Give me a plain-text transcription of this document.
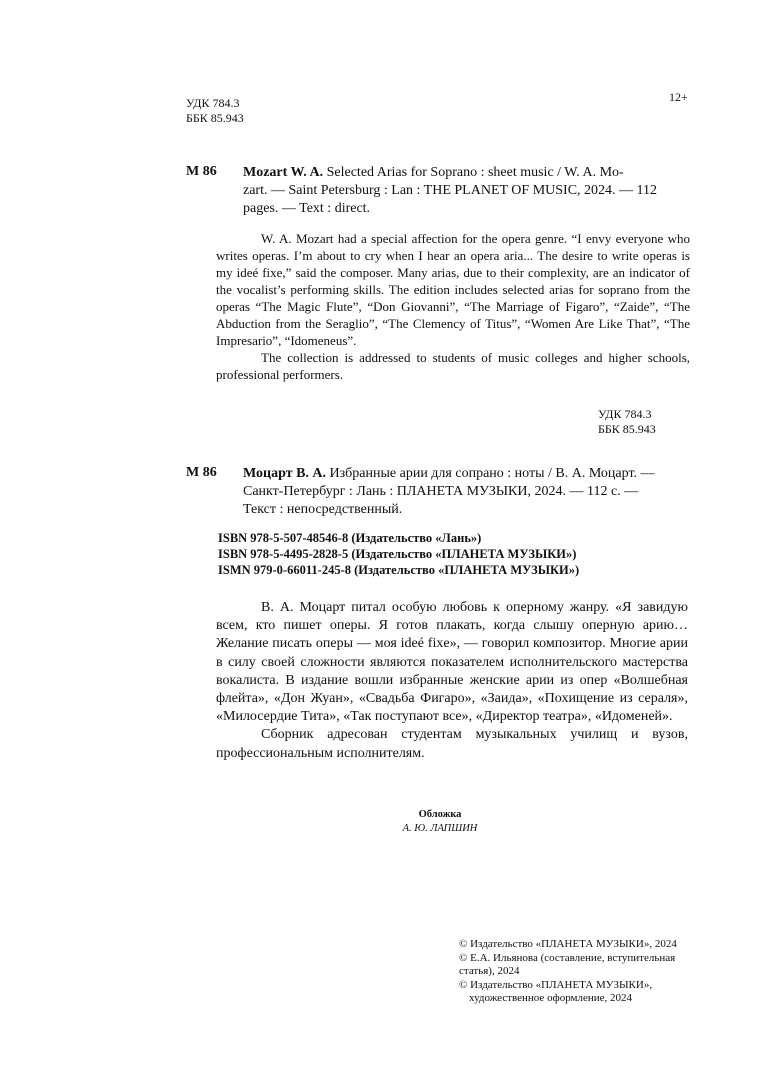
УДК 784.3
ББК 85.943
12+
М 86 Mozart W. A. Selected Arias for Soprano : sheet music / W. A. Mo-
zart. — Saint Petersburg : Lan : THE PLANET OF MUSIC, 2024. — 112
pages. — Text : direct.

W. A. Mozart had a special affection for the opera genre. “I envy everyone who writes operas. I’m about to cry when I hear an opera aria... The desire to write operas is my ideé fixe,” said the composer. Many arias, due to their complexity, are an indicator of the vocalist’s performing skills. The edition includes selected arias for soprano from the operas “The Magic Flute”, “Don Giovanni”, “The Marriage of Figaro”, “Zaide”, “The Abduction from the Seraglio”, “The Clemency of Titus”, “Women Are Like That”, “The Impresario”, “Idomeneus”.

The collection is addressed to students of music colleges and higher schools, professional performers.

УДК 784.3
ББК 85.943
М 86 Моцарт В. А. Избранные арии для сопрано : ноты / В. А. Моцарт. —
Санкт-Петербург : Лань : ПЛАНЕТА МУЗЫКИ, 2024. — 112 с. —
Текст : непосредственный.
ISBN 978-5-507-48546-8 (Издательство «Лань»)
ISBN 978-5-4495-2828-5 (Издательство «ПЛАНЕТА МУЗЫКИ»)
ISMN 979-0-66011-245-8 (Издательство «ПЛАНЕТА МУЗЫКИ»)

В. А. Моцарт питал особую любовь к оперному жанру. «Я завидую всем, кто пишет оперы. Я готов плакать, когда слышу оперную арию… Желание писать оперы — моя ideé fixe», — говорил композитор. Многие арии в силу своей сложности являются показателем исполнительского мастерства вокалиста. В издание вошли избранные женские арии из опер «Волшебная флейта», «Дон Жуан», «Свадьба Фигаро», «Заида», «Похищение из сераля», «Милосердие Тита», «Так поступают все», «Директор театра», «Идоменей».

Сборник адресован студентам музыкальных училищ и вузов, профессиональным исполнителям.

Обложка
А. Ю. ЛАПШИН
© Издательство «ПЛАНЕТА МУЗЫКИ», 2024
© Е.А. Ильянова (составление, вступительная
статья), 2024
© Издательство «ПЛАНЕТА МУЗЫКИ»,
художественное оформление, 2024
